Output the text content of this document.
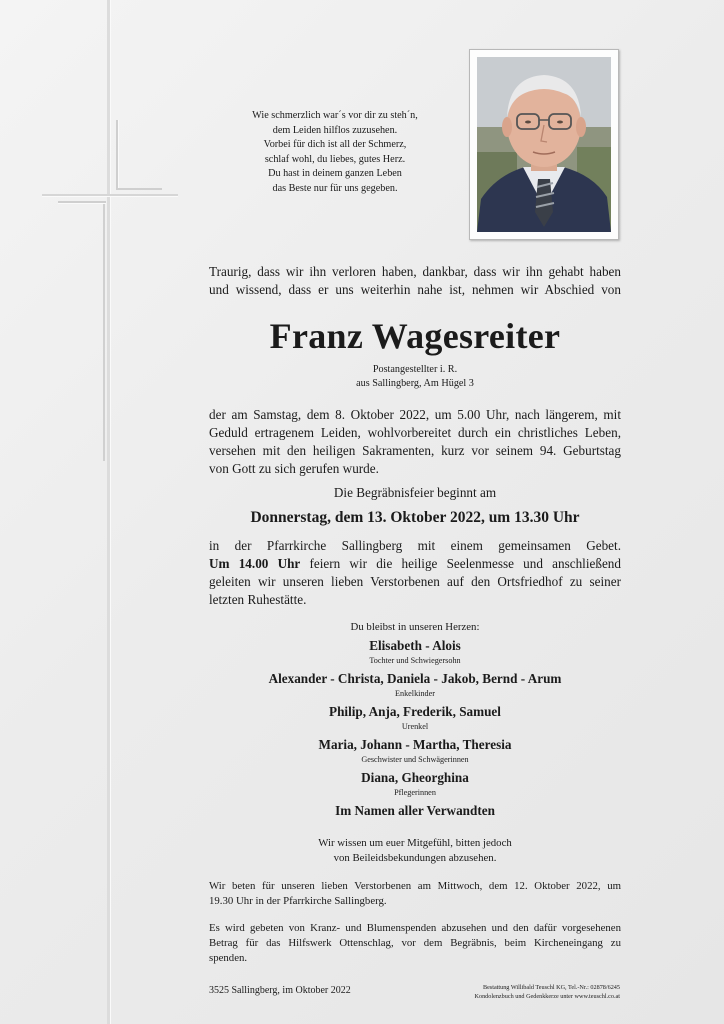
Wie schmerzlich war´s vor dir zu steh´n,
dem Leiden hilflos zuzusehen.
Vorbei für dich ist all der Schmerz,
schlaf wohl, du liebes, gutes Herz.
Du hast in deinem ganzen Leben
das Beste nur für uns gegeben.
Traurig, dass wir ihn verloren haben, dankbar, dass wir ihn gehabt haben
und wissend, dass er uns weiterhin nahe ist, nehmen wir Abschied von
Franz Wagesreiter
Postangestellter i. R.
aus Sallingberg, Am Hügel 3
der am Samstag, dem 8. Oktober 2022, um 5.00 Uhr, nach längerem, mit
Geduld ertragenem Leiden, wohlvorbereitet durch ein christliches Leben,
versehen mit den heiligen Sakramenten, kurz vor seinem 94. Geburtstag
von Gott zu sich gerufen wurde.
Die Begräbnisfeier beginnt am
Donnerstag, dem 13. Oktober 2022, um 13.30 Uhr
in der Pfarrkirche Sallingberg mit einem gemeinsamen Gebet.
Um 14.00 Uhr feiern wir die heilige Seelenmesse und anschließend
geleiten wir unseren lieben Verstorbenen auf den Ortsfriedhof zu seiner
letzten Ruhestätte.
Du bleibst in unseren Herzen:
Elisabeth - Alois
Tochter und Schwiegersohn
Alexander - Christa, Daniela - Jakob, Bernd - Arum
Enkelkinder
Philip, Anja, Frederik, Samuel
Urenkel
Maria, Johann - Martha, Theresia
Geschwister und Schwägerinnen
Diana, Gheorghina
Pflegerinnen
Im Namen aller Verwandten
Wir wissen um euer Mitgefühl, bitten jedoch
von Beileidsbekundungen abzusehen.
Wir beten für unseren lieben Verstorbenen am Mittwoch, dem 12. Oktober 2022, um
19.30 Uhr in der Pfarrkirche Sallingberg.
Es wird gebeten von Kranz- und Blumenspenden abzusehen und den dafür vorgesehenen
Betrag für das Hilfswerk Ottenschlag, vor dem Begräbnis, beim Kircheneingang zu
spenden.
3525 Sallingberg, im Oktober 2022	Bestattung Willibald Teuschl KG, Tel.-Nr.: 02878/6245
Kondolenzbuch und Gedenkkerze unter www.teuschl.co.at
